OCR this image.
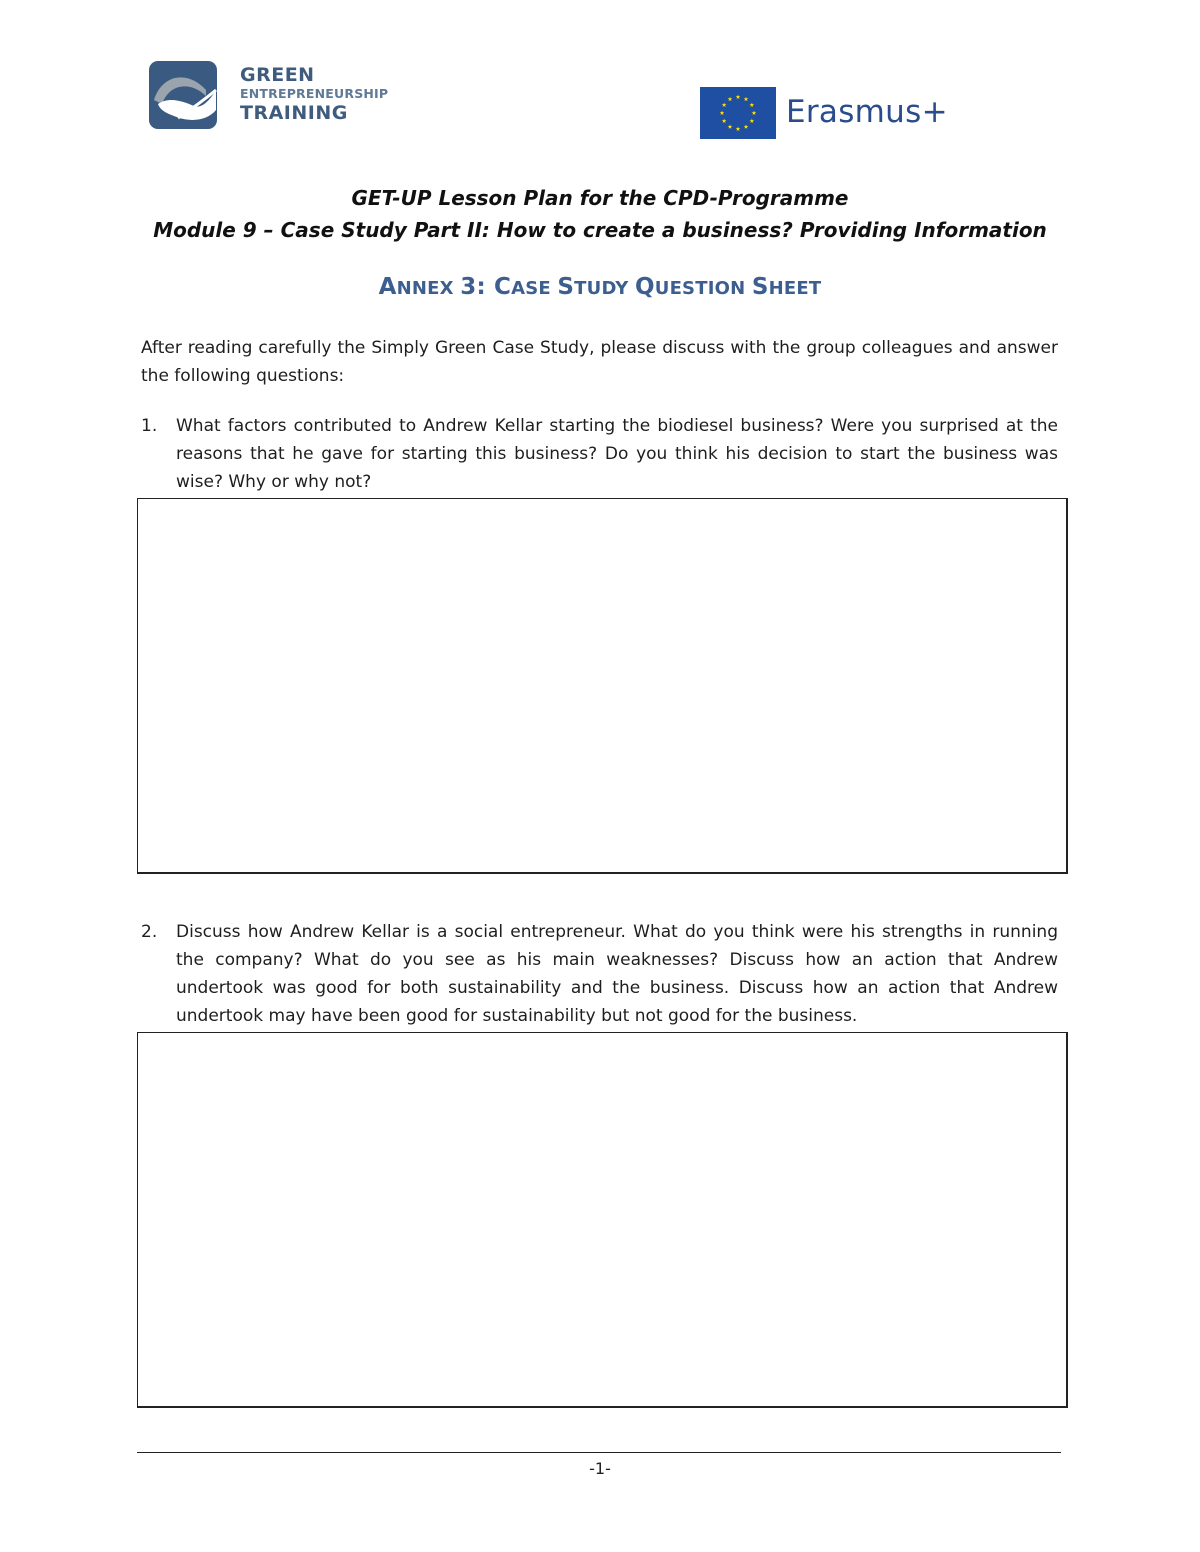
GREEN
ENTREPRENEURSHIP
TRAINING	Erasmus+
GET-UP Lesson Plan for the CPD-Programme
Module 9 – Case Study Part II: How to create a business? Providing Information
ANNEX 3: CASE STUDY QUESTION SHEET
After reading carefully the Simply Green Case Study, please discuss with the group colleagues and answer the following questions:
1. What factors contributed to Andrew Kellar starting the biodiesel business? Were you surprised at the reasons that he gave for starting this business? Do you think his decision to start the business was wise? Why or why not?
2. Discuss how Andrew Kellar is a social entrepreneur. What do you think were his strengths in running the company? What do you see as his main weaknesses? Discuss how an action that Andrew undertook was good for both sustainability and the business. Discuss how an action that Andrew undertook may have been good for sustainability but not good for the business.
-1-
